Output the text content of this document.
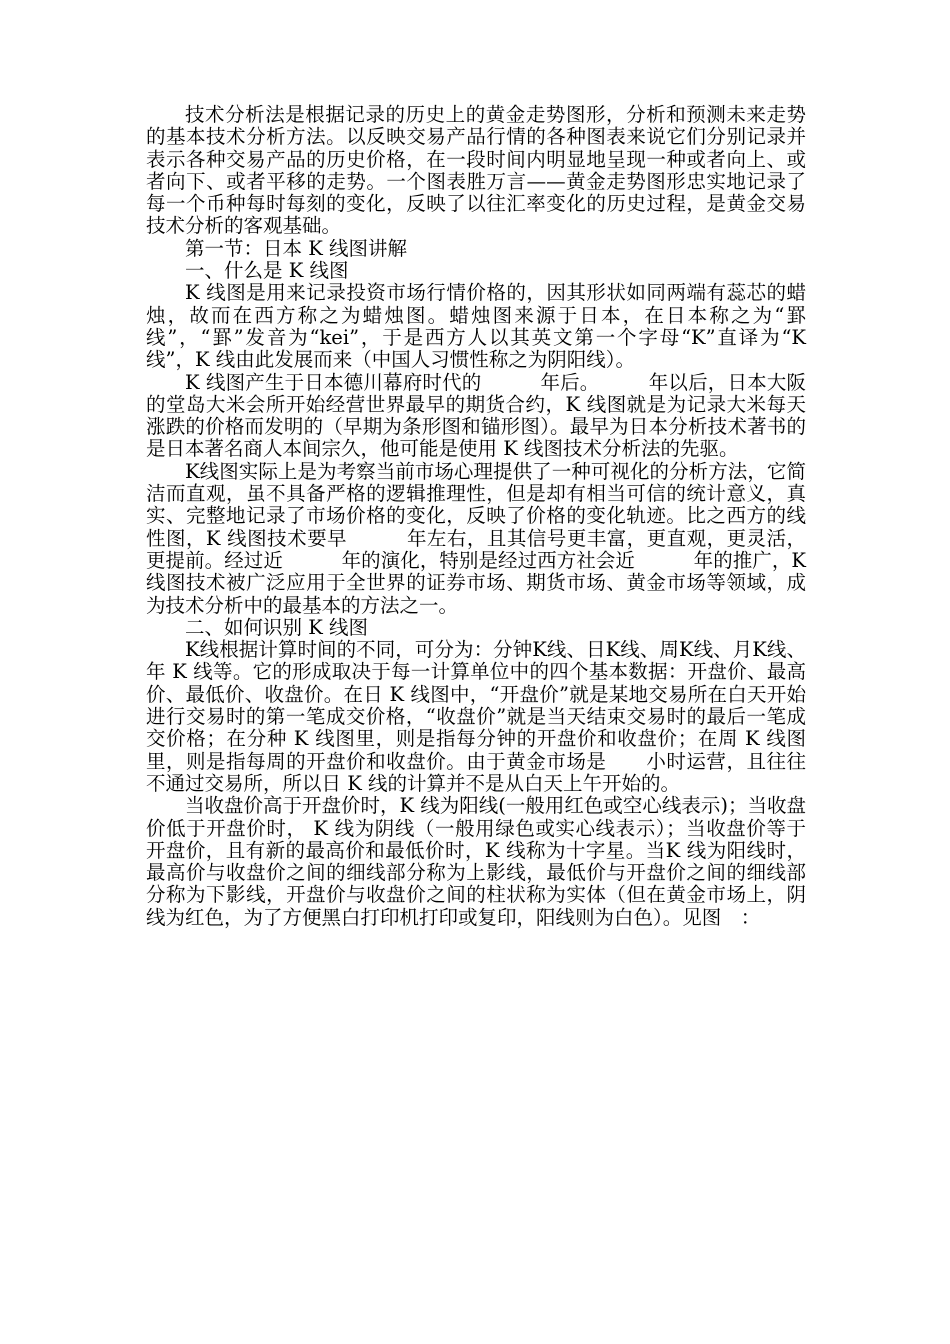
技术分析法是根据记录的历史上的黄金走势图形，分析和预测未来走势的基本技术分析方法。以反映交易产品行情的各种图表来说它们分别记录并表示各种交易产品的历史价格，在一段时间内明显地呈现一种或者向上、或者向下、或者平移的走势。一个图表胜万言——黄金走势图形忠实地记录了每一个币种每时每刻的变化，反映了以往汇率变化的历史过程，是黄金交易技术分析的客观基础。

第一节：日本 K 线图讲解

一、什么是 K 线图

K 线图是用来记录投资市场行情价格的，因其形状如同两端有蕊芯的蜡烛，故而在西方称之为蜡烛图。蜡烛图来源于日本，在日本称之为“罫线”，“罫”发音为“kei”，于是西方人以其英文第一个字母“K”直译为“K 线”，K 线由此发展而来（中国人习惯性称之为阴阳线）。

K 线图产生于日本德川幕府时代的　　　年后。　　　年以后，日本大阪的堂岛大米会所开始经营世界最早的期货合约，K 线图就是为记录大米每天涨跌的价格而发明的（早期为条形图和锚形图）。最早为日本分析技术著书的是日本著名商人本间宗久，他可能是使用 K 线图技术分析法的先驱。

K线图实际上是为考察当前市场心理提供了一种可视化的分析方法，它简洁而直观，虽不具备严格的逻辑推理性，但是却有相当可信的统计意义，真实、完整地记录了市场价格的变化，反映了价格的变化轨迹。比之西方的线性图，K 线图技术要早　　　年左右，且其信号更丰富，更直观，更灵活，更提前。经过近　　　年的演化，特别是经过西方社会近　　　年的推广，K 线图技术被广泛应用于全世界的证券市场、期货市场、黄金市场等领域，成为技术分析中的最基本的方法之一。

二、如何识别 K 线图

K线根据计算时间的不同，可分为：分钟K线、日K线、周K线、月K线、年 K 线等。它的形成取决于每一计算单位中的四个基本数据：开盘价、最高价、最低价、收盘价。在日 K 线图中，“开盘价”就是某地交易所在白天开始进行交易时的第一笔成交价格，“收盘价”就是当天结束交易时的最后一笔成交价格；在分种 K 线图里，则是指每分钟的开盘价和收盘价；在周 K 线图里，则是指每周的开盘价和收盘价。由于黄金市场是　　小时运营，且往往不通过交易所，所以日 K 线的计算并不是从白天上午开始的。

当收盘价高于开盘价时，K 线为阳线(一般用红色或空心线表示)；当收盘价低于开盘价时， K 线为阴线（一般用绿色或实心线表示）；当收盘价等于开盘价，且有新的最高价和最低价时，K 线称为十字星。当K 线为阳线时，最高价与收盘价之间的细线部分称为上影线，最低价与开盘价之间的细线部分称为下影线，开盘价与收盘价之间的柱状称为实体（但在黄金市场上，阴线为红色，为了方便黑白打印机打印或复印，阳线则为白色）。见图　：
